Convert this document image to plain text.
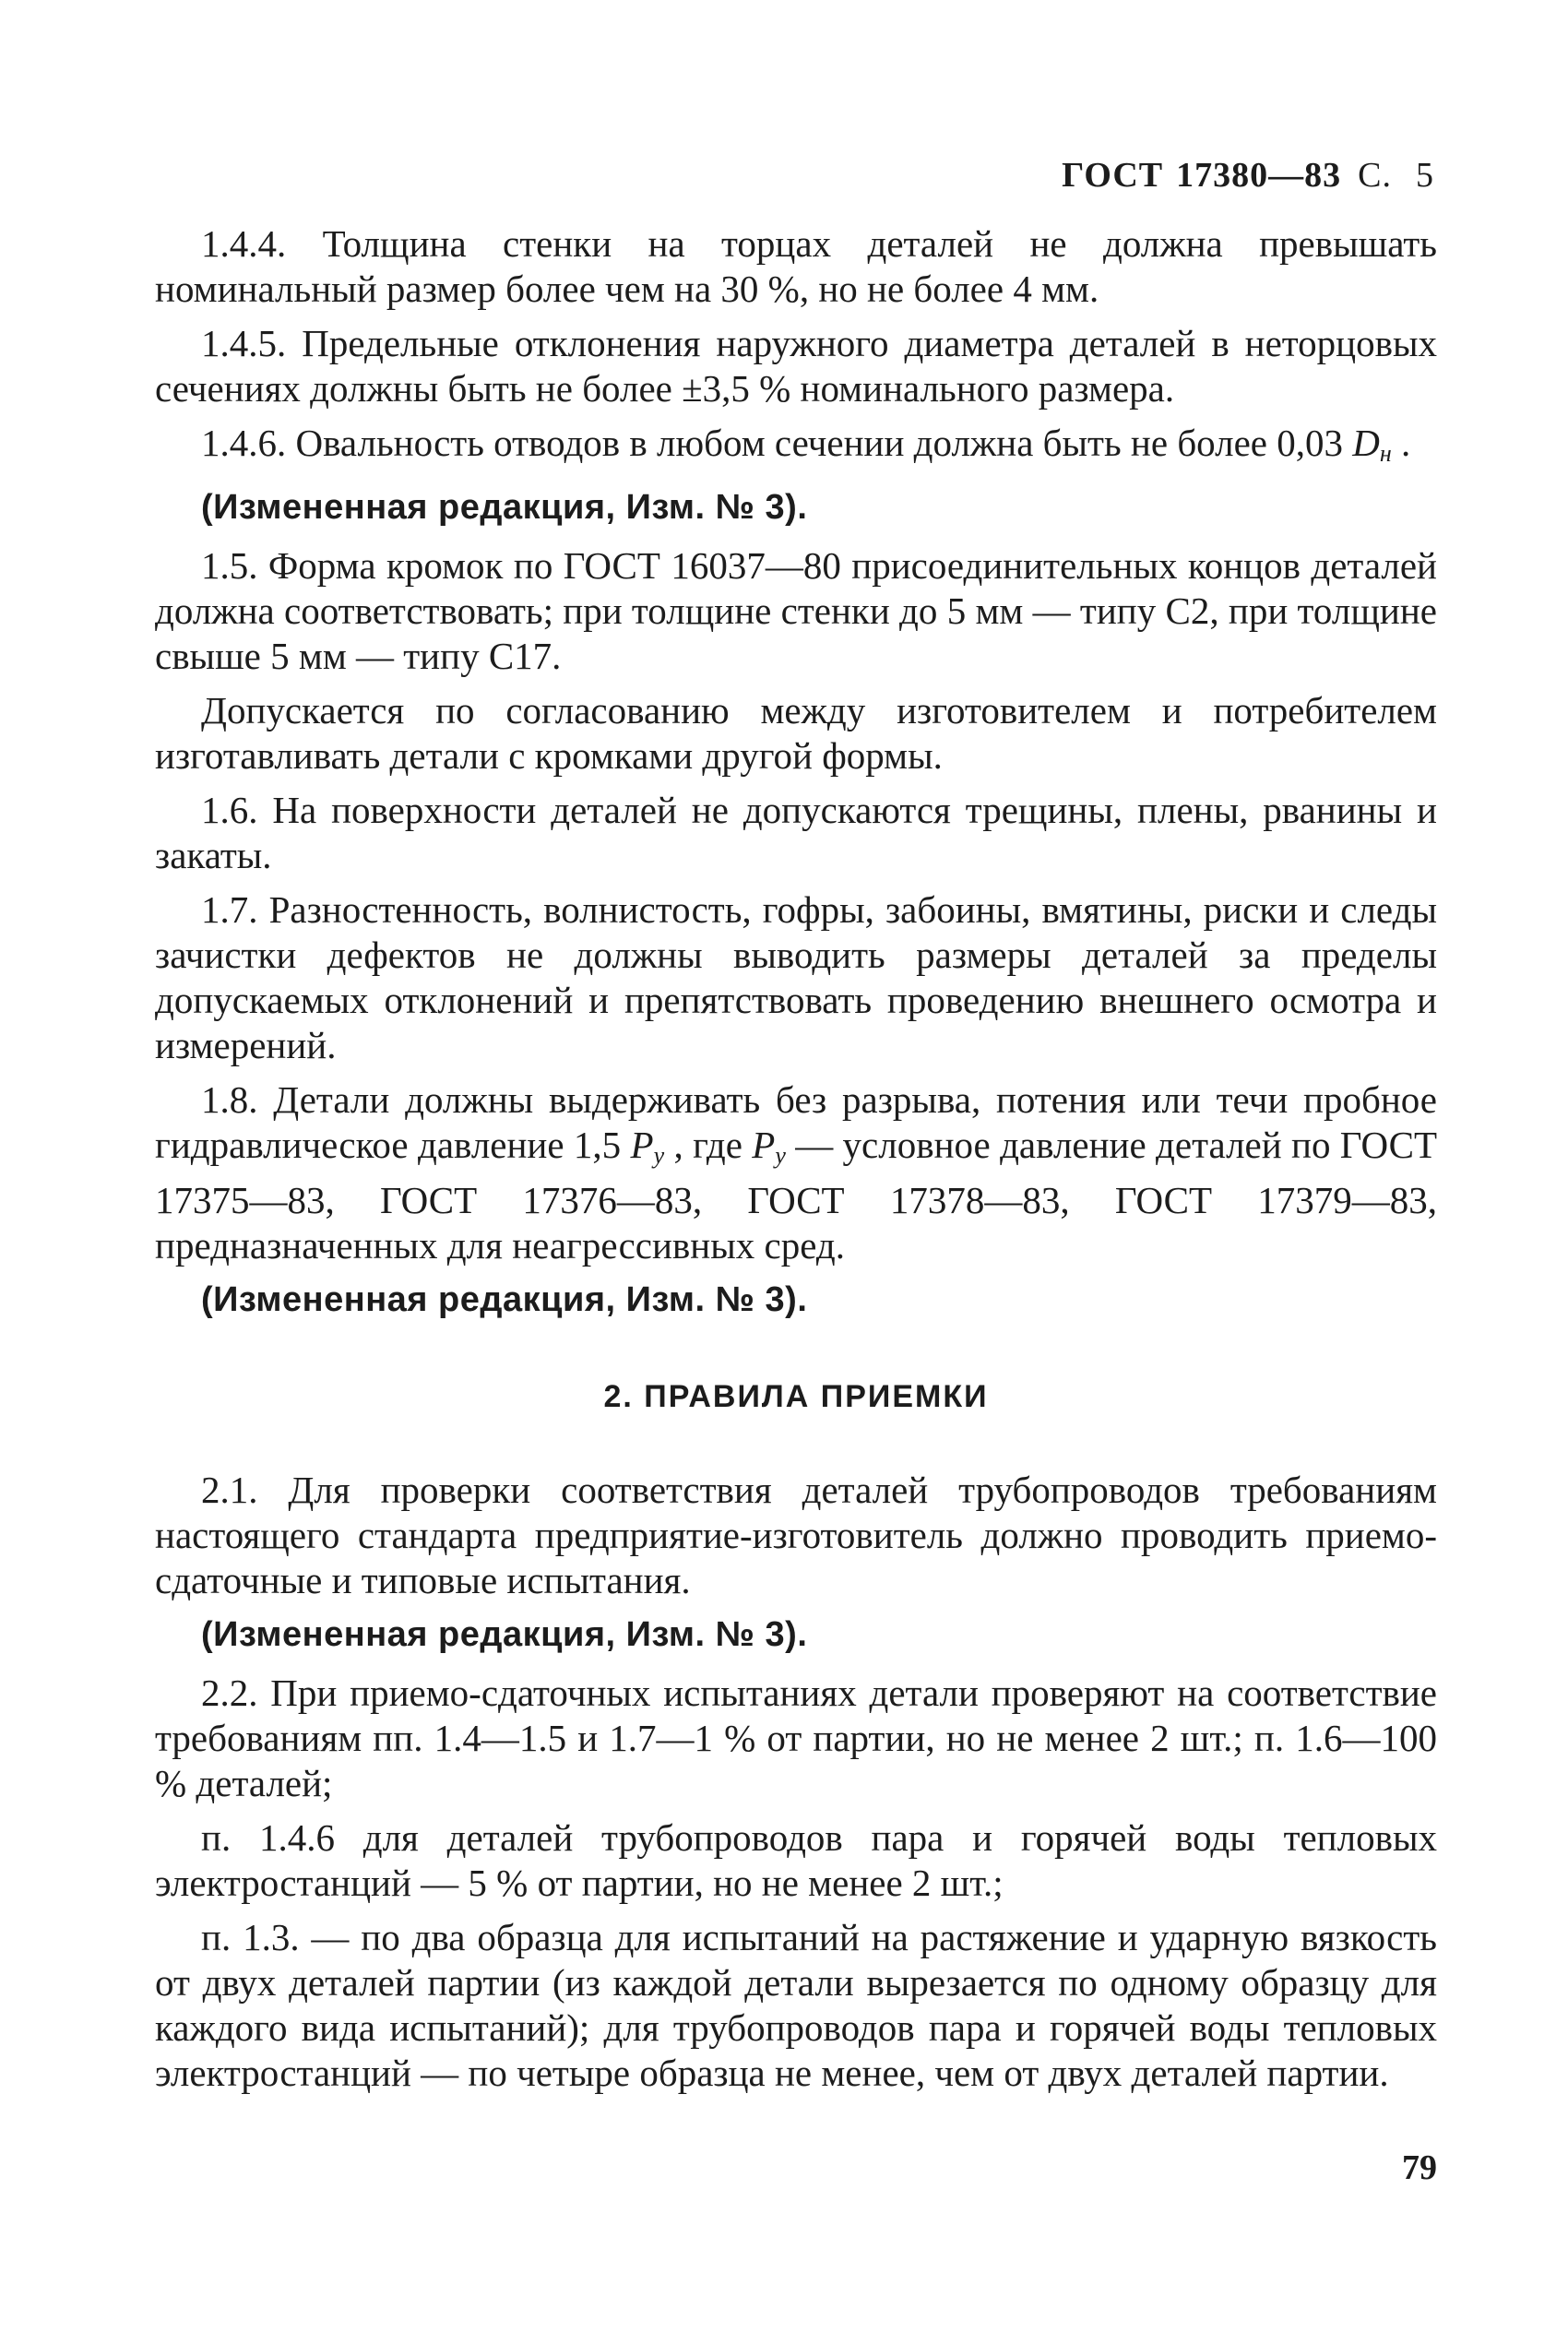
ГОСТ 17380—83 С. 5

1.4.4. Толщина стенки на торцах деталей не должна превышать номинальный размер более чем на 30 %, но не более 4 мм.

1.4.5. Предельные отклонения наружного диаметра деталей в неторцовых сечениях должны быть не более ±3,5 % номинального размера.

1.4.6. Овальность отводов в любом сечении должна быть не более 0,03 $D_н$ .

(Измененная редакция, Изм. № 3).

1.5. Форма кромок по ГОСТ 16037—80 присоединительных концов деталей должна соответствовать; при толщине стенки до 5 мм — типу С2, при толщине свыше 5 мм — типу С17.

Допускается по согласованию между изготовителем и потребителем изготавливать детали с кромками другой формы.

1.6. На поверхности деталей не допускаются трещины, плены, рванины и закаты.

1.7. Разностенность, волнистость, гофры, забоины, вмятины, риски и следы зачистки дефектов не должны выводить размеры деталей за пределы допускаемых отклонений и препятствовать проведению внешнего осмотра и измерений.

1.8. Детали должны выдерживать без разрыва, потения или течи пробное гидравлическое давление 1,5 $P_у$ , где $P_у$ — условное давление деталей по ГОСТ 17375—83, ГОСТ 17376—83, ГОСТ 17378—83, ГОСТ 17379—83, предназначенных для неагрессивных сред.

(Измененная редакция, Изм. № 3).

2. ПРАВИЛА ПРИЕМКИ

2.1. Для проверки соответствия деталей трубопроводов требованиям настоящего стандарта предприятие-изготовитель должно проводить приемо-сдаточные и типовые испытания.

(Измененная редакция, Изм. № 3).

2.2. При приемо-сдаточных испытаниях детали проверяют на соответствие требованиям пп. 1.4—1.5 и 1.7—1 % от партии, но не менее 2 шт.; п. 1.6—100 % деталей;

п. 1.4.6 для деталей трубопроводов пара и горячей воды тепловых электростанций — 5 % от партии, но не менее 2 шт.;

п. 1.3. — по два образца для испытаний на растяжение и ударную вязкость от двух деталей партии (из каждой детали вырезается по одному образцу для каждого вида испытаний); для трубопроводов пара и горячей воды тепловых электростанций — по четыре образца не менее, чем от двух деталей партии.

79
